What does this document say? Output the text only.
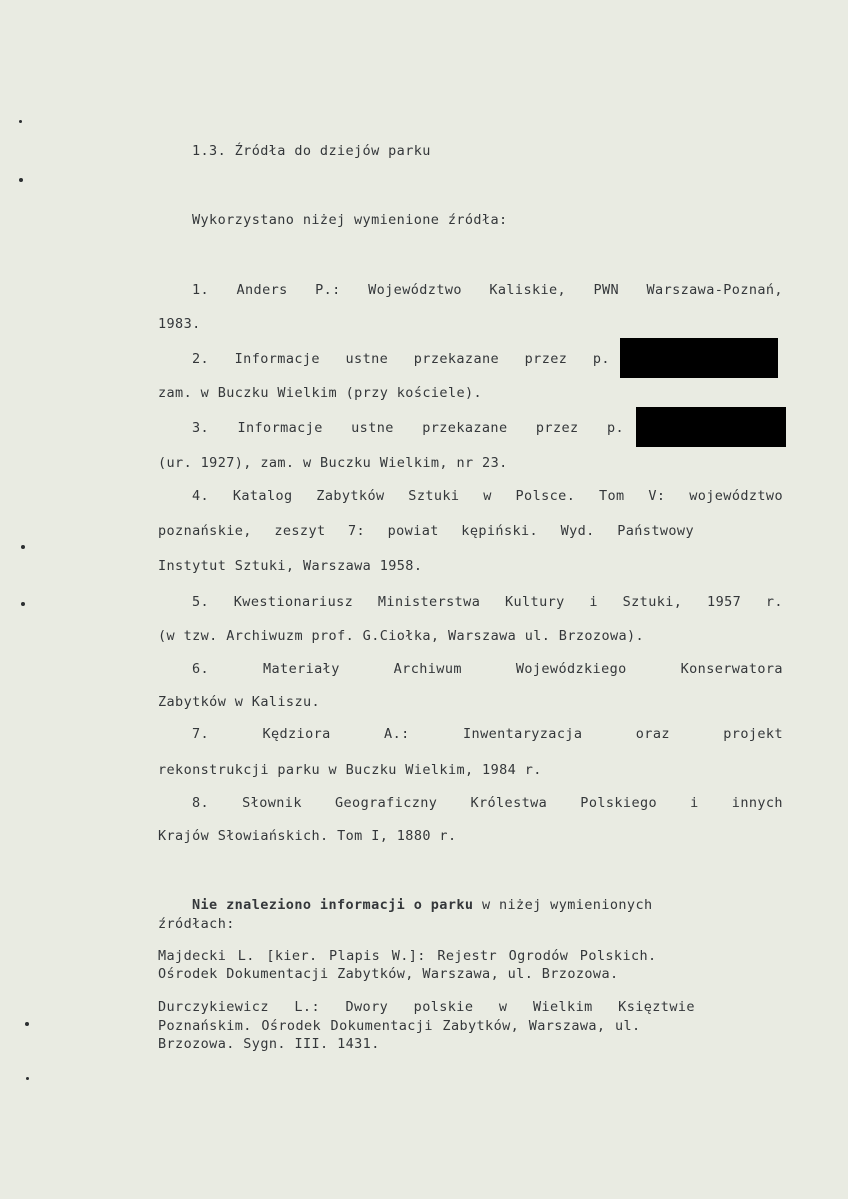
1.3. Źródła do dziejów parku
Wykorzystano niżej wymienione źródła:
1. Anders P.: Województwo Kaliskie, PWN Warszawa-Poznań,
1983.
2. Informacje ustne przekazane przez p.
zam. w Buczku Wielkim (przy kościele).
3. Informacje ustne przekazane przez p.
(ur. 1927), zam. w Buczku Wielkim, nr 23.
4. Katalog Zabytków Sztuki w Polsce. Tom V: województwo
poznańskie, zeszyt 7: powiat kępiński. Wyd. Państwowy
Instytut Sztuki, Warszawa 1958.
5. Kwestionariusz Ministerstwa Kultury i Sztuki, 1957 r.
(w tzw. Archiwuzm prof. G.Ciołka, Warszawa ul. Brzozowa).
6.	Materiały	Archiwum	Wojewódzkiego	Konserwatora
Zabytków w Kaliszu.
7.	Kędziora	A.:	Inwentaryzacja	oraz	projekt
rekonstrukcji parku w Buczku Wielkim, 1984 r.
8. Słownik Geograficzny Królestwa Polskiego i innych
Krajów Słowiańskich. Tom I, 1880 r.
Nie znaleziono informacji o parku w niżej wymienionych
źródłach:
Majdecki L. [kier. Plapis W.]: Rejestr Ogrodów Polskich.
Ośrodek Dokumentacji Zabytków, Warszawa, ul. Brzozowa.
Durczykiewicz L.: Dwory polskie w Wielkim Księztwie
Poznańskim. Ośrodek Dokumentacji Zabytków, Warszawa, ul.
Brzozowa. Sygn. III. 1431.
